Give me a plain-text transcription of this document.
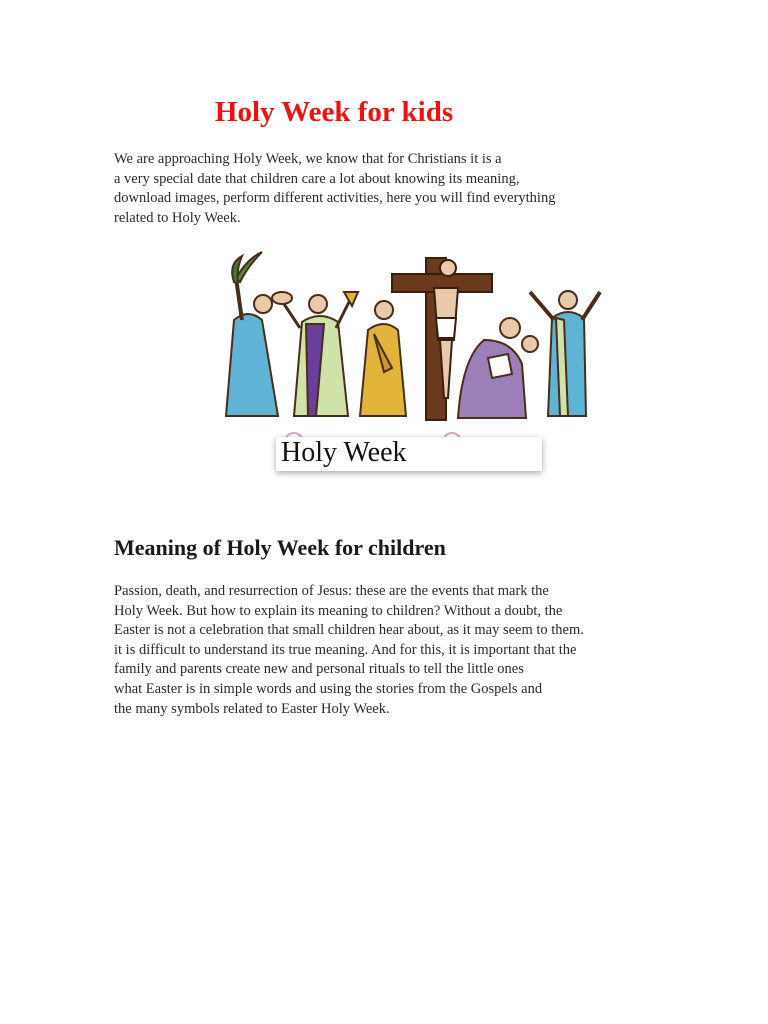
Holy Week for kids

We are approaching Holy Week, we know that for Christians it is a
a very special date that children care a lot about knowing its meaning,
download images, perform different activities, here you will find everything
related to Holy Week.

Holy Week
Meaning of Holy Week for children

Passion, death, and resurrection of Jesus: these are the events that mark the
Holy Week. But how to explain its meaning to children? Without a doubt, the
Easter is not a celebration that small children hear about, as it may seem to them.
it is difficult to understand its true meaning. And for this, it is important that the
family and parents create new and personal rituals to tell the little ones
what Easter is in simple words and using the stories from the Gospels and
the many symbols related to Easter Holy Week.
